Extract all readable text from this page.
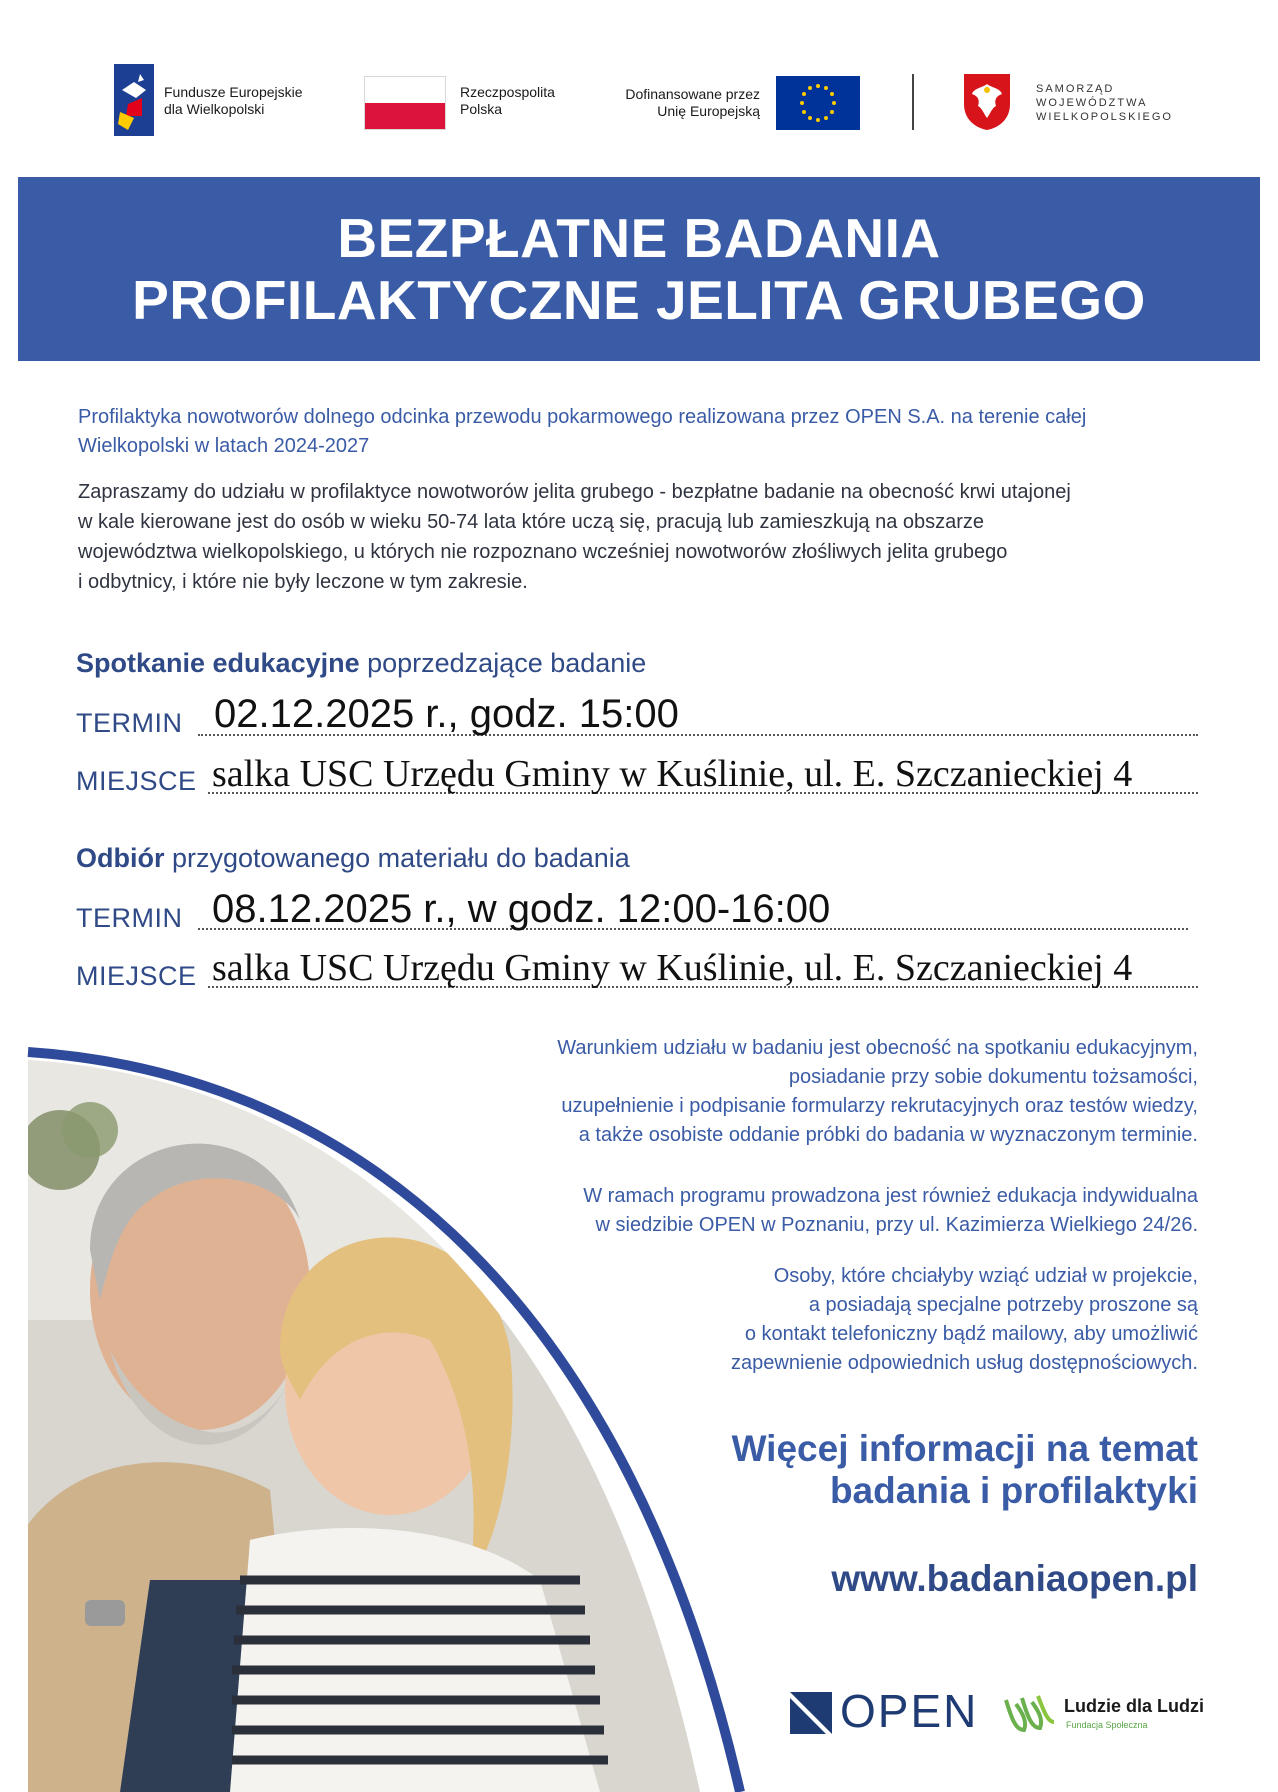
Fundusze Europejskie
dla Wielkopolski
Rzeczpospolita
Polska
Dofinansowane przez
Unię Europejską
SAMORZĄD
WOJEWÓDZTWA
WIELKOPOLSKIEGO
BEZPŁATNE BADANIA
PROFILAKTYCZNE JELITA GRUBEGO
Profilaktyka nowotworów dolnego odcinka przewodu pokarmowego realizowana przez OPEN S.A. na terenie całej
Wielkopolski w latach 2024-2027
Zapraszamy do udziału w profilaktyce nowotworów jelita grubego - bezpłatne badanie na obecność krwi utajonej
w kale kierowane jest do osób w wieku 50-74 lata które uczą się, pracują lub zamieszkują na obszarze
województwa wielkopolskiego, u których nie rozpoznano wcześniej nowotworów złośliwych jelita grubego
i odbytnicy, i które nie były leczone w tym zakresie.
Spotkanie edukacyjne poprzedzające badanie
TERMIN 02.12.2025 r., godz. 15:00
MIEJSCE salka USC Urzędu Gminy w Kuślinie, ul. E. Szczanieckiej 4
Odbiór przygotowanego materiału do badania
TERMIN 08.12.2025 r., w godz. 12:00-16:00
MIEJSCE salka USC Urzędu Gminy w Kuślinie, ul. E. Szczanieckiej 4
Warunkiem udziału w badaniu jest obecność na spotkaniu edukacyjnym,
posiadanie przy sobie dokumentu tożsamości,
uzupełnienie i podpisanie formularzy rekrutacyjnych oraz testów wiedzy,
a także osobiste oddanie próbki do badania w wyznaczonym terminie.
W ramach programu prowadzona jest również edukacja indywidualna
w siedzibie OPEN w Poznaniu, przy ul. Kazimierza Wielkiego 24/26.
Osoby, które chciałyby wziąć udział w projekcie,
a posiadają specjalne potrzeby proszone są
o kontakt telefoniczny bądź mailowy, aby umożliwić
zapewnienie odpowiednich usług dostępnościowych.
Więcej informacji na temat
badania i profilaktyki
www.badaniaopen.pl
OPEN	Ludzie dla Ludzi
Fundacja Społeczna
